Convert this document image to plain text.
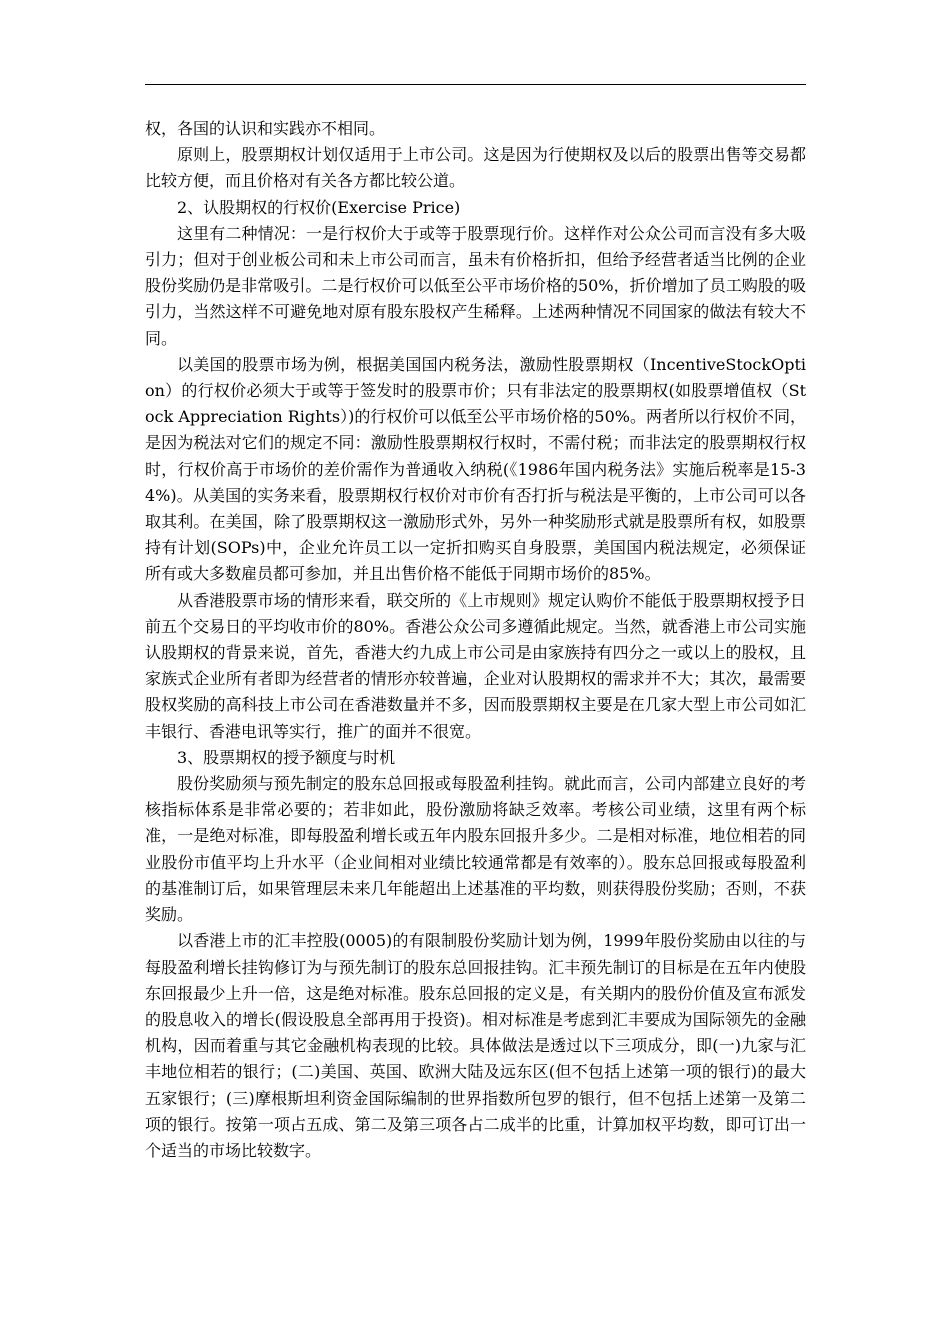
权，各国的认识和实践亦不相同。

原则上，股票期权计划仅适用于上市公司。这是因为行使期权及以后的股票出售等交易都比较方便，而且价格对有关各方都比较公道。

2、认股期权的行权价(Exercise Price)

这里有二种情况：一是行权价大于或等于股票现行价。这样作对公众公司而言没有多大吸引力；但对于创业板公司和未上市公司而言，虽未有价格折扣，但给予经营者适当比例的企业股份奖励仍是非常吸引。二是行权价可以低至公平市场价格的50%，折价增加了员工购股的吸引力，当然这样不可避免地对原有股东股权产生稀释。上述两种情况不同国家的做法有较大不同。

以美国的股票市场为例，根据美国国内税务法，激励性股票期权（IncentiveStockOption）的行权价必须大于或等于签发时的股票市价；只有非法定的股票期权(如股票增值权（Stock Appreciation Rights）)的行权价可以低至公平市场价格的50%。两者所以行权价不同，是因为税法对它们的规定不同：激励性股票期权行权时，不需付税；而非法定的股票期权行权时，行权价高于市场价的差价需作为普通收入纳税(《1986年国内税务法》实施后税率是15-34%)。从美国的实务来看，股票期权行权价对市价有否打折与税法是平衡的，上市公司可以各取其利。在美国，除了股票期权这一激励形式外，另外一种奖励形式就是股票所有权，如股票持有计划(SOPs)中，企业允许员工以一定折扣购买自身股票，美国国内税法规定，必须保证所有或大多数雇员都可参加，并且出售价格不能低于同期市场价的85%。

从香港股票市场的情形来看，联交所的《上市规则》规定认购价不能低于股票期权授予日前五个交易日的平均收市价的80%。香港公众公司多遵循此规定。当然，就香港上市公司实施认股期权的背景来说，首先，香港大约九成上市公司是由家族持有四分之一或以上的股权，且家族式企业所有者即为经营者的情形亦较普遍，企业对认股期权的需求并不大；其次，最需要股权奖励的高科技上市公司在香港数量并不多，因而股票期权主要是在几家大型上市公司如汇丰银行、香港电讯等实行，推广的面并不很宽。

3、股票期权的授予额度与时机

股份奖励须与预先制定的股东总回报或每股盈利挂钩。就此而言，公司内部建立良好的考核指标体系是非常必要的；若非如此，股份激励将缺乏效率。考核公司业绩，这里有两个标准，一是绝对标准，即每股盈利增长或五年内股东回报升多少。二是相对标准，地位相若的同业股份市值平均上升水平（企业间相对业绩比较通常都是有效率的）。股东总回报或每股盈利的基准制订后，如果管理层未来几年能超出上述基准的平均数，则获得股份奖励；否则，不获奖励。

以香港上市的汇丰控股(0005)的有限制股份奖励计划为例，1999年股份奖励由以往的与每股盈利增长挂钩修订为与预先制订的股东总回报挂钩。汇丰预先制订的目标是在五年内使股东回报最少上升一倍，这是绝对标准。股东总回报的定义是，有关期内的股份价值及宣布派发的股息收入的增长(假设股息全部再用于投资)。相对标准是考虑到汇丰要成为国际领先的金融机构，因而着重与其它金融机构表现的比较。具体做法是透过以下三项成分，即(一)九家与汇丰地位相若的银行；(二)美国、英国、欧洲大陆及远东区(但不包括上述第一项的银行)的最大五家银行；(三)摩根斯坦利资金国际编制的世界指数所包罗的银行，但不包括上述第一及第二项的银行。按第一项占五成、第二及第三项各占二成半的比重，计算加权平均数，即可订出一个适当的市场比较数字。
